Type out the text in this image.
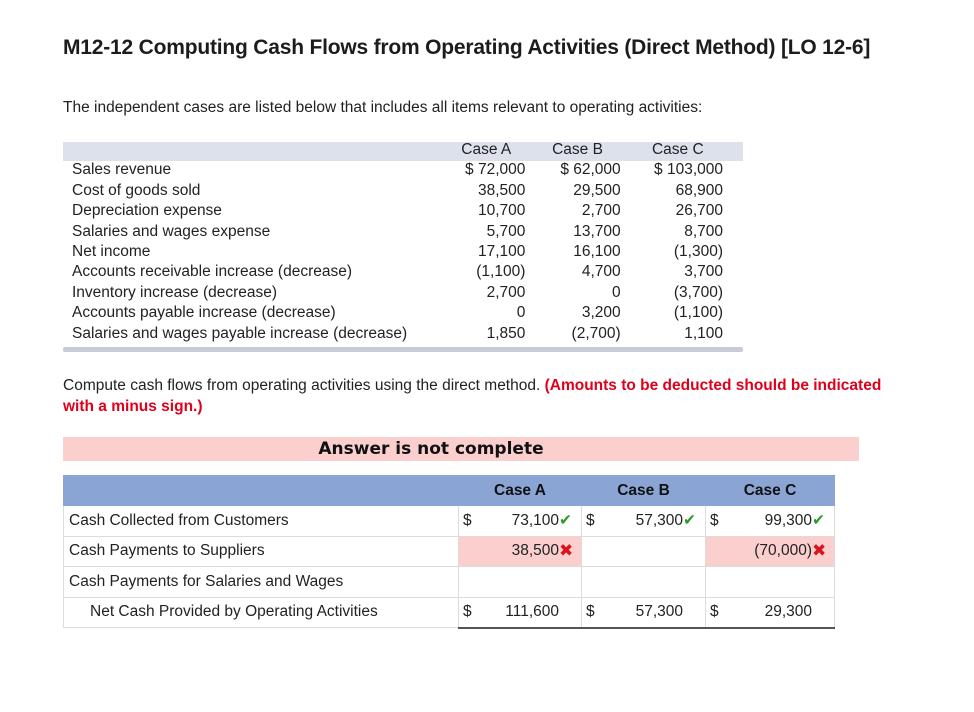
M12-12 Computing Cash Flows from Operating Activities (Direct Method) [LO 12-6]
The independent cases are listed below that includes all items relevant to operating activities:
	Case A	Case B	Case C
Sales revenue	$ 72,000	$ 62,000	$ 103,000
Cost of goods sold	38,500	29,500	68,900
Depreciation expense	10,700	2,700	26,700
Salaries and wages expense	5,700	13,700	8,700
Net income	17,100	16,100	(1,300)
Accounts receivable increase (decrease)	(1,100)	4,700	3,700
Inventory increase (decrease)	2,700	0	(3,700)
Accounts payable increase (decrease)	0	3,200	(1,100)
Salaries and wages payable increase (decrease)	1,850	(2,700)	1,100
Compute cash flows from operating activities using the direct method. (Amounts to be deducted should be indicated with a minus sign.)
Answer is not complete
	Case A	Case B	Case C
Cash Collected from Customers	$ 73,100 ✔	$ 57,300 ✔	$ 99,300 ✔

Cash Payments to Suppliers	38,500 ✖		(70,000) ✖

Cash Payments for Salaries and Wages	

Net Cash Provided by Operating Activities	$ 111,600	$ 57,300	$ 29,300
